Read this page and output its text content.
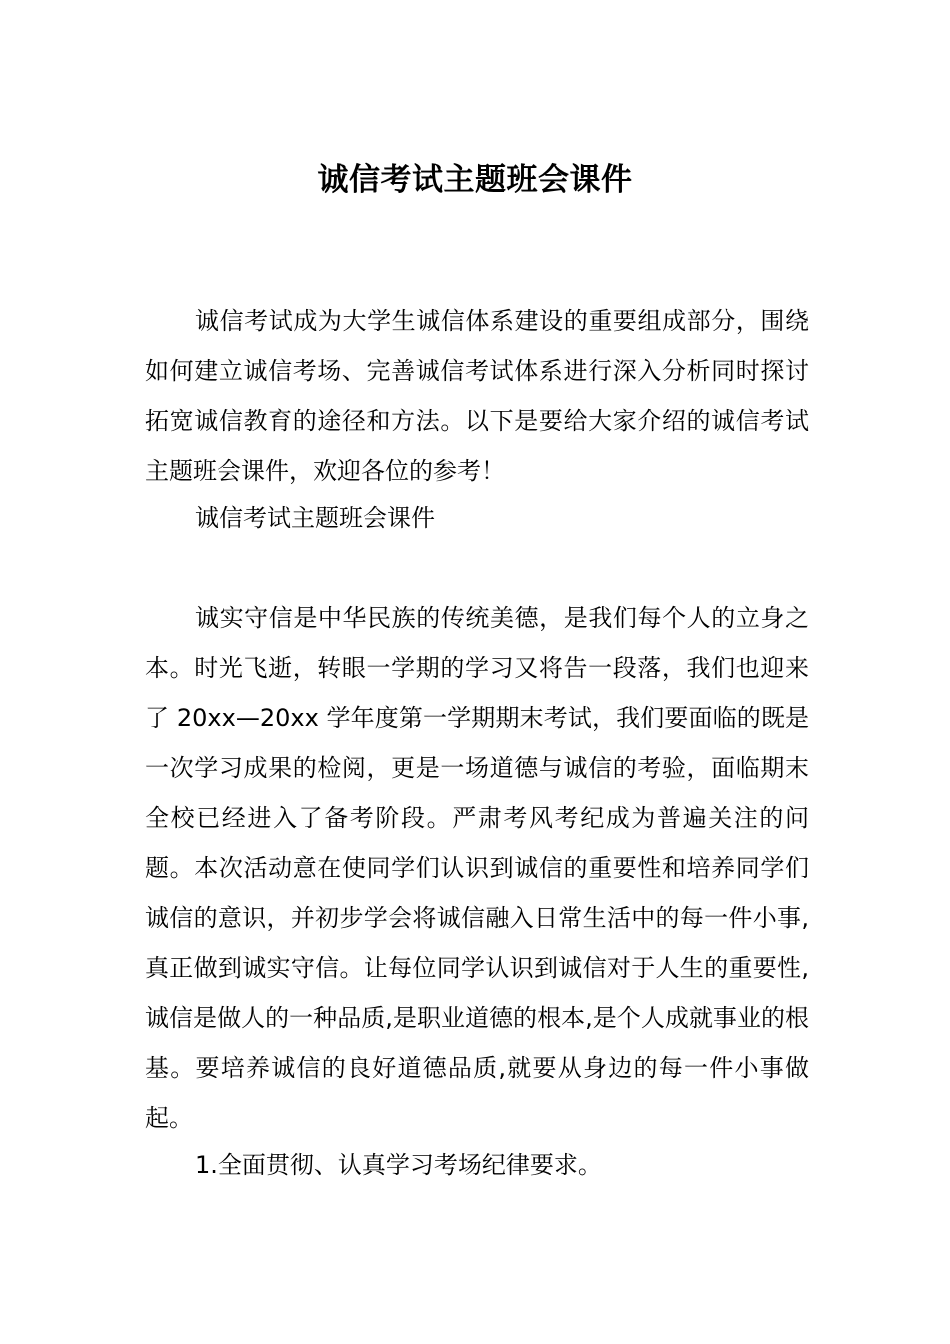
诚信考试主题班会课件

诚信考试成为大学生诚信体系建设的重要组成部分，围绕如何建立诚信考场、完善诚信考试体系进行深入分析同时探讨拓宽诚信教育的途径和方法。以下是要给大家介绍的诚信考试主题班会课件，欢迎各位的参考！

诚信考试主题班会课件

诚实守信是中华民族的传统美德，是我们每个人的立身之本。时光飞逝，转眼一学期的学习又将告一段落，我们也迎来了 20xx—20xx 学年度第一学期期末考试，我们要面临的既是一次学习成果的检阅，更是一场道德与诚信的考验，面临期末全校已经进入了备考阶段。严肃考风考纪成为普遍关注的问题。本次活动意在使同学们认识到诚信的重要性和培养同学们诚信的意识，并初步学会将诚信融入日常生活中的每一件小事,真正做到诚实守信。让每位同学认识到诚信对于人生的重要性,诚信是做人的一种品质,是职业道德的根本,是个人成就事业的根基。要培养诚信的良好道德品质,就要从身边的每一件小事做起。

1.全面贯彻、认真学习考场纪律要求。
